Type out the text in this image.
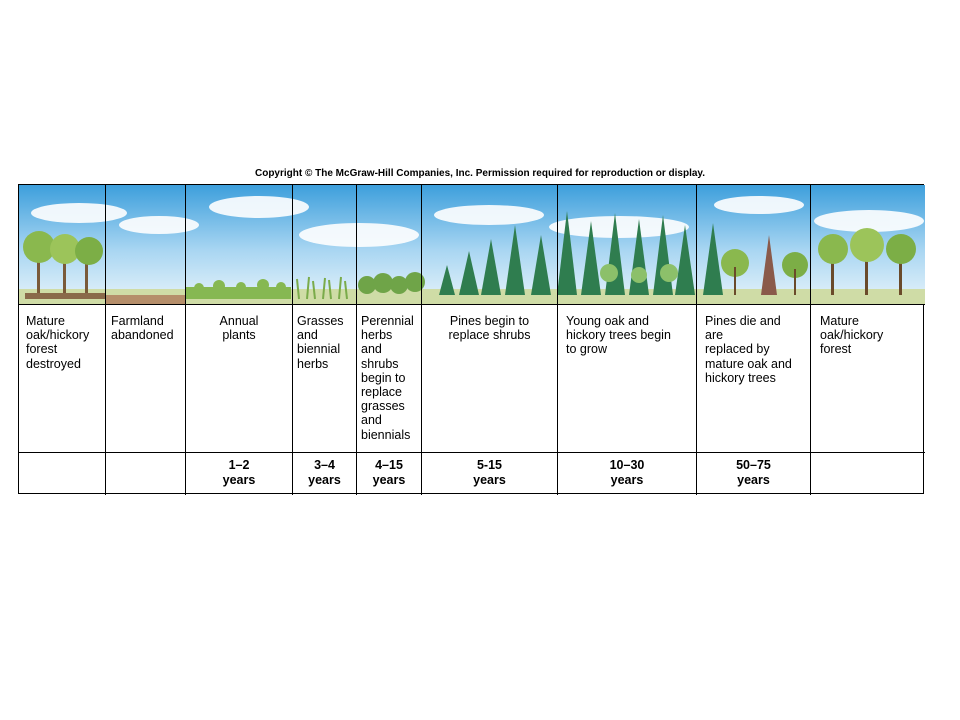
Copyright © The McGraw-Hill Companies, Inc. Permission required for reproduction or display.
Mature
oak/hickory
forest
destroyed
Farmland
abandoned
Annual
plants
1–2
years
Grasses
and
biennial
herbs
3–4
years
Perennial
herbs
and
shrubs
begin to
replace
grasses
and
biennials
4–15
years
Pines begin to
replace shrubs
5-15
years
Young oak and
hickory trees begin
to grow
10–30
years
Pines die and
are
replaced by
mature oak and
hickory trees
50–75
years
Mature
oak/hickory
forest
